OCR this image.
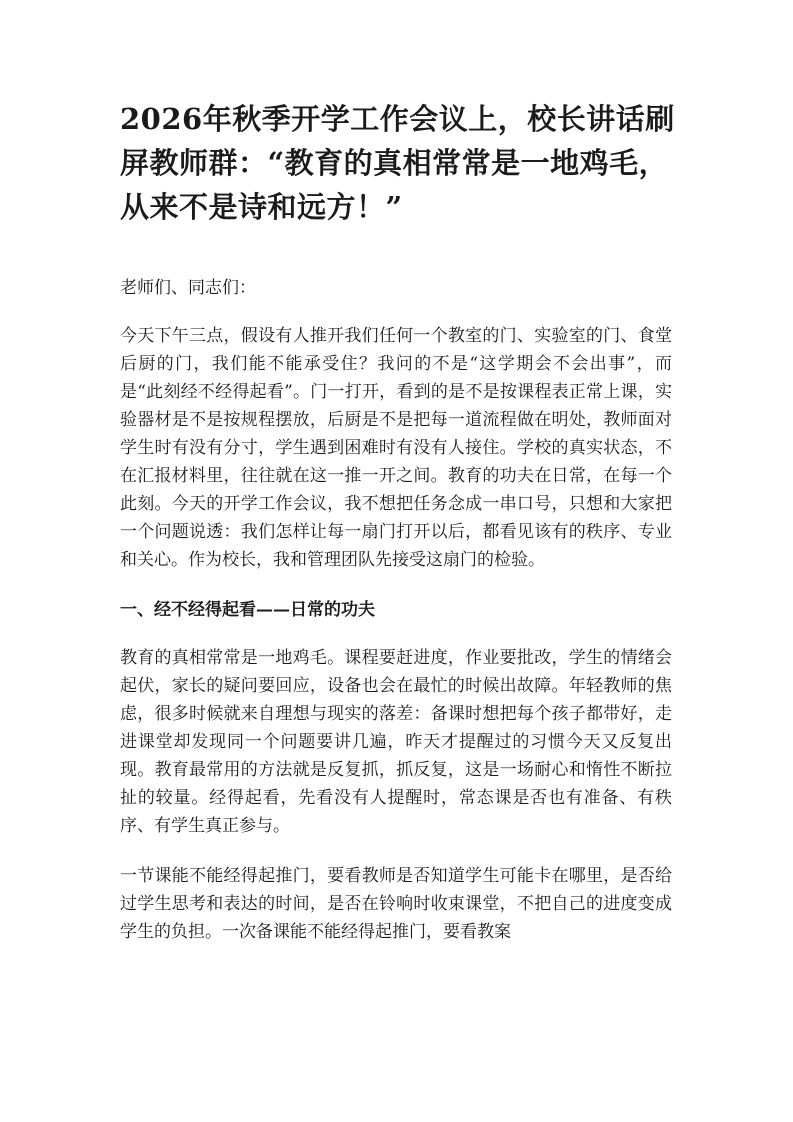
2026年秋季开学工作会议上，校长讲话刷屏教师群：“教育的真相常常是一地鸡毛，从来不是诗和远方！”

老师们、同志们：

今天下午三点，假设有人推开我们任何一个教室的门、实验室的门、食堂后厨的门，我们能不能承受住？我问的不是“这学期会不会出事”，而是“此刻经不经得起看”。门一打开，看到的是不是按课程表正常上课，实验器材是不是按规程摆放，后厨是不是把每一道流程做在明处，教师面对学生时有没有分寸，学生遇到困难时有没有人接住。学校的真实状态，不在汇报材料里，往往就在这一推一开之间。教育的功夫在日常，在每一个此刻。今天的开学工作会议，我不想把任务念成一串口号，只想和大家把一个问题说透：我们怎样让每一扇门打开以后，都看见该有的秩序、专业和关心。作为校长，我和管理团队先接受这扇门的检验。

一、经不经得起看——日常的功夫

教育的真相常常是一地鸡毛。课程要赶进度，作业要批改，学生的情绪会起伏，家长的疑问要回应，设备也会在最忙的时候出故障。年轻教师的焦虑，很多时候就来自理想与现实的落差：备课时想把每个孩子都带好，走进课堂却发现同一个问题要讲几遍，昨天才提醒过的习惯今天又反复出现。教育最常用的方法就是反复抓，抓反复，这是一场耐心和惰性不断拉扯的较量。经得起看，先看没有人提醒时，常态课是否也有准备、有秩序、有学生真正参与。

一节课能不能经得起推门，要看教师是否知道学生可能卡在哪里，是否给过学生思考和表达的时间，是否在铃响时收束课堂，不把自己的进度变成学生的负担。一次备课能不能经得起推门，要看教案
